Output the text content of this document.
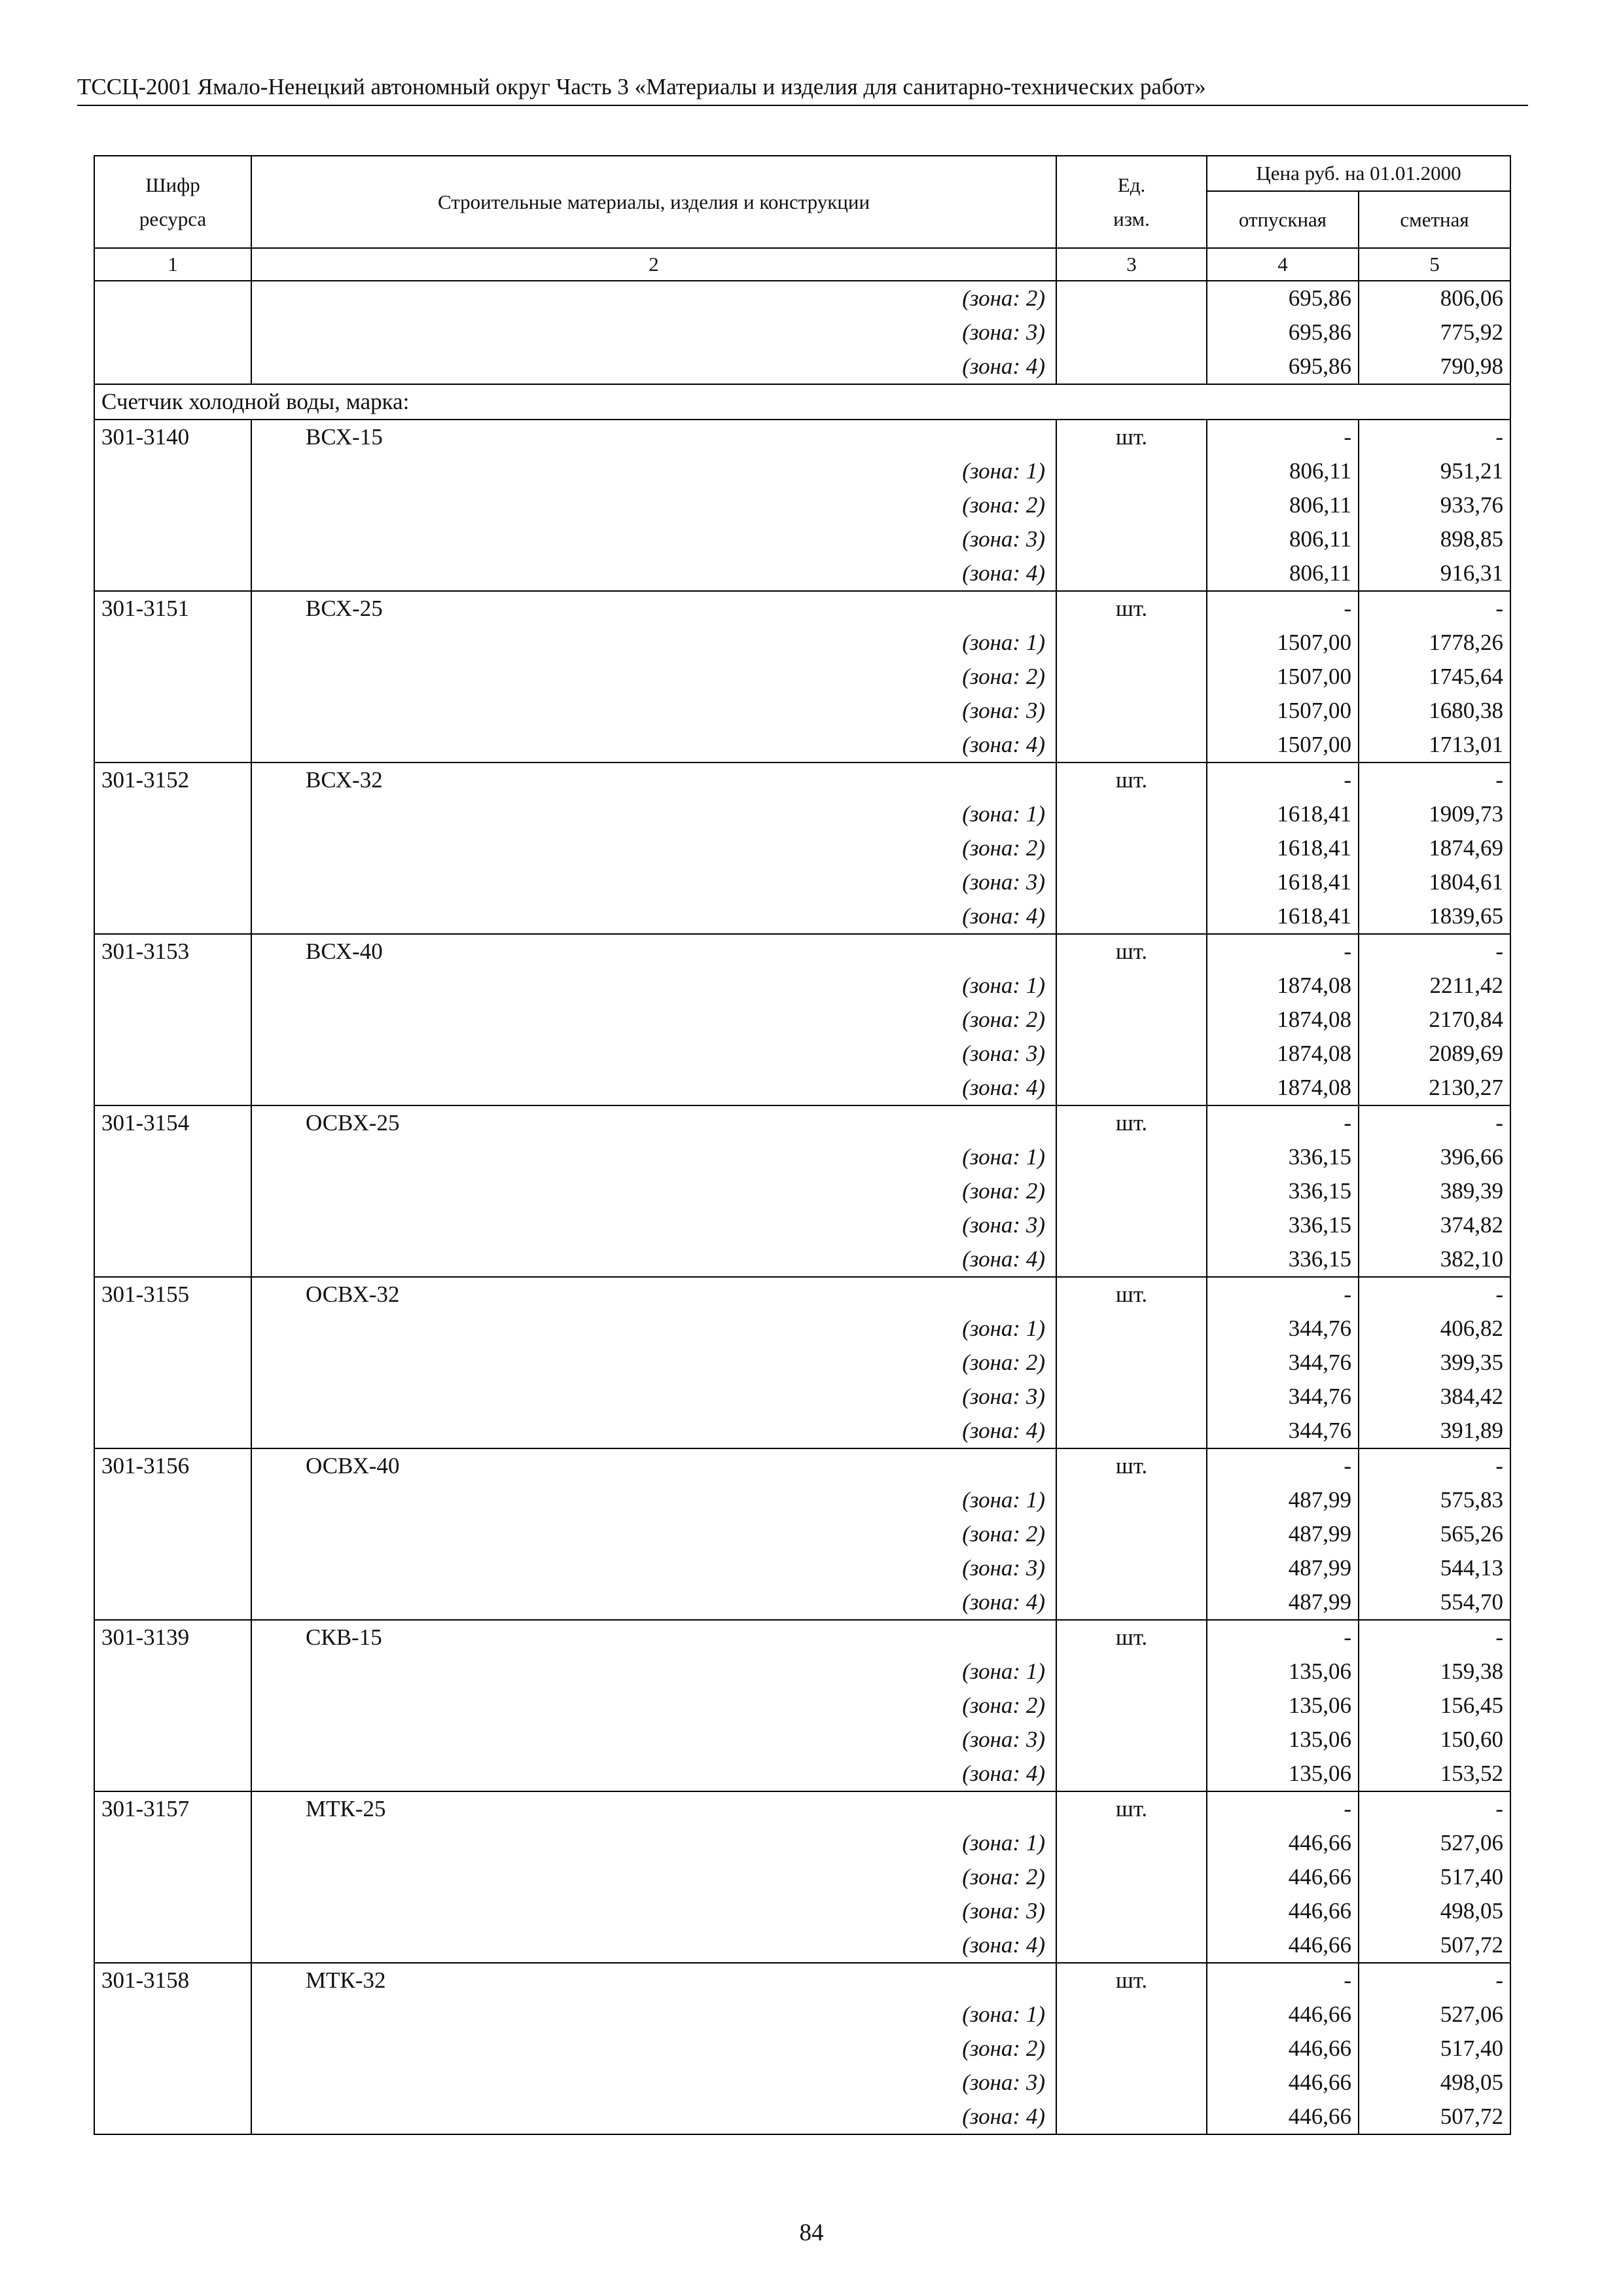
ТССЦ-2001 Ямало-Ненецкий автономный округ Часть 3 «Материалы и изделия для санитарно-технических работ»
Шифр ресурса	Строительные материалы, изделия и конструкции	Ед. изм.	Цена руб. на 01.01.2000	
			отпускная	сметная
1	2	3	4	5
	(зона: 2)		695,86	806,06
	(зона: 3)		695,86	775,92
	(зона: 4)		695,86	790,98
Счетчик холодной воды, марка:				
301-3140	ВСХ-15	шт.	-	-
	(зона: 1)		806,11	951,21
	(зона: 2)		806,11	933,76
	(зона: 3)		806,11	898,85
	(зона: 4)		806,11	916,31
301-3151	ВСХ-25	шт.	-	-
	(зона: 1)		1507,00	1778,26
	(зона: 2)		1507,00	1745,64
	(зона: 3)		1507,00	1680,38
	(зона: 4)		1507,00	1713,01
301-3152	ВСХ-32	шт.	-	-
	(зона: 1)		1618,41	1909,73
	(зона: 2)		1618,41	1874,69
	(зона: 3)		1618,41	1804,61
	(зона: 4)		1618,41	1839,65
301-3153	ВСХ-40	шт.	-	-
	(зона: 1)		1874,08	2211,42
	(зона: 2)		1874,08	2170,84
	(зона: 3)		1874,08	2089,69
	(зона: 4)		1874,08	2130,27
301-3154	ОСВХ-25	шт.	-	-
	(зона: 1)		336,15	396,66
	(зона: 2)		336,15	389,39
	(зона: 3)		336,15	374,82
	(зона: 4)		336,15	382,10
301-3155	ОСВХ-32	шт.	-	-
	(зона: 1)		344,76	406,82
	(зона: 2)		344,76	399,35
	(зона: 3)		344,76	384,42
	(зона: 4)		344,76	391,89
301-3156	ОСВХ-40	шт.	-	-
	(зона: 1)		487,99	575,83
	(зона: 2)		487,99	565,26
	(зона: 3)		487,99	544,13
	(зона: 4)		487,99	554,70
301-3139	СКВ-15	шт.	-	-
	(зона: 1)		135,06	159,38
	(зона: 2)		135,06	156,45
	(зона: 3)		135,06	150,60
	(зона: 4)		135,06	153,52
301-3157	МТК-25	шт.	-	-
	(зона: 1)		446,66	527,06
	(зона: 2)		446,66	517,40
	(зона: 3)		446,66	498,05
	(зона: 4)		446,66	507,72
301-3158	МТК-32	шт.	-	-
	(зона: 1)		446,66	527,06
	(зона: 2)		446,66	517,40
	(зона: 3)		446,66	498,05
	(зона: 4)		446,66	507,72
84
